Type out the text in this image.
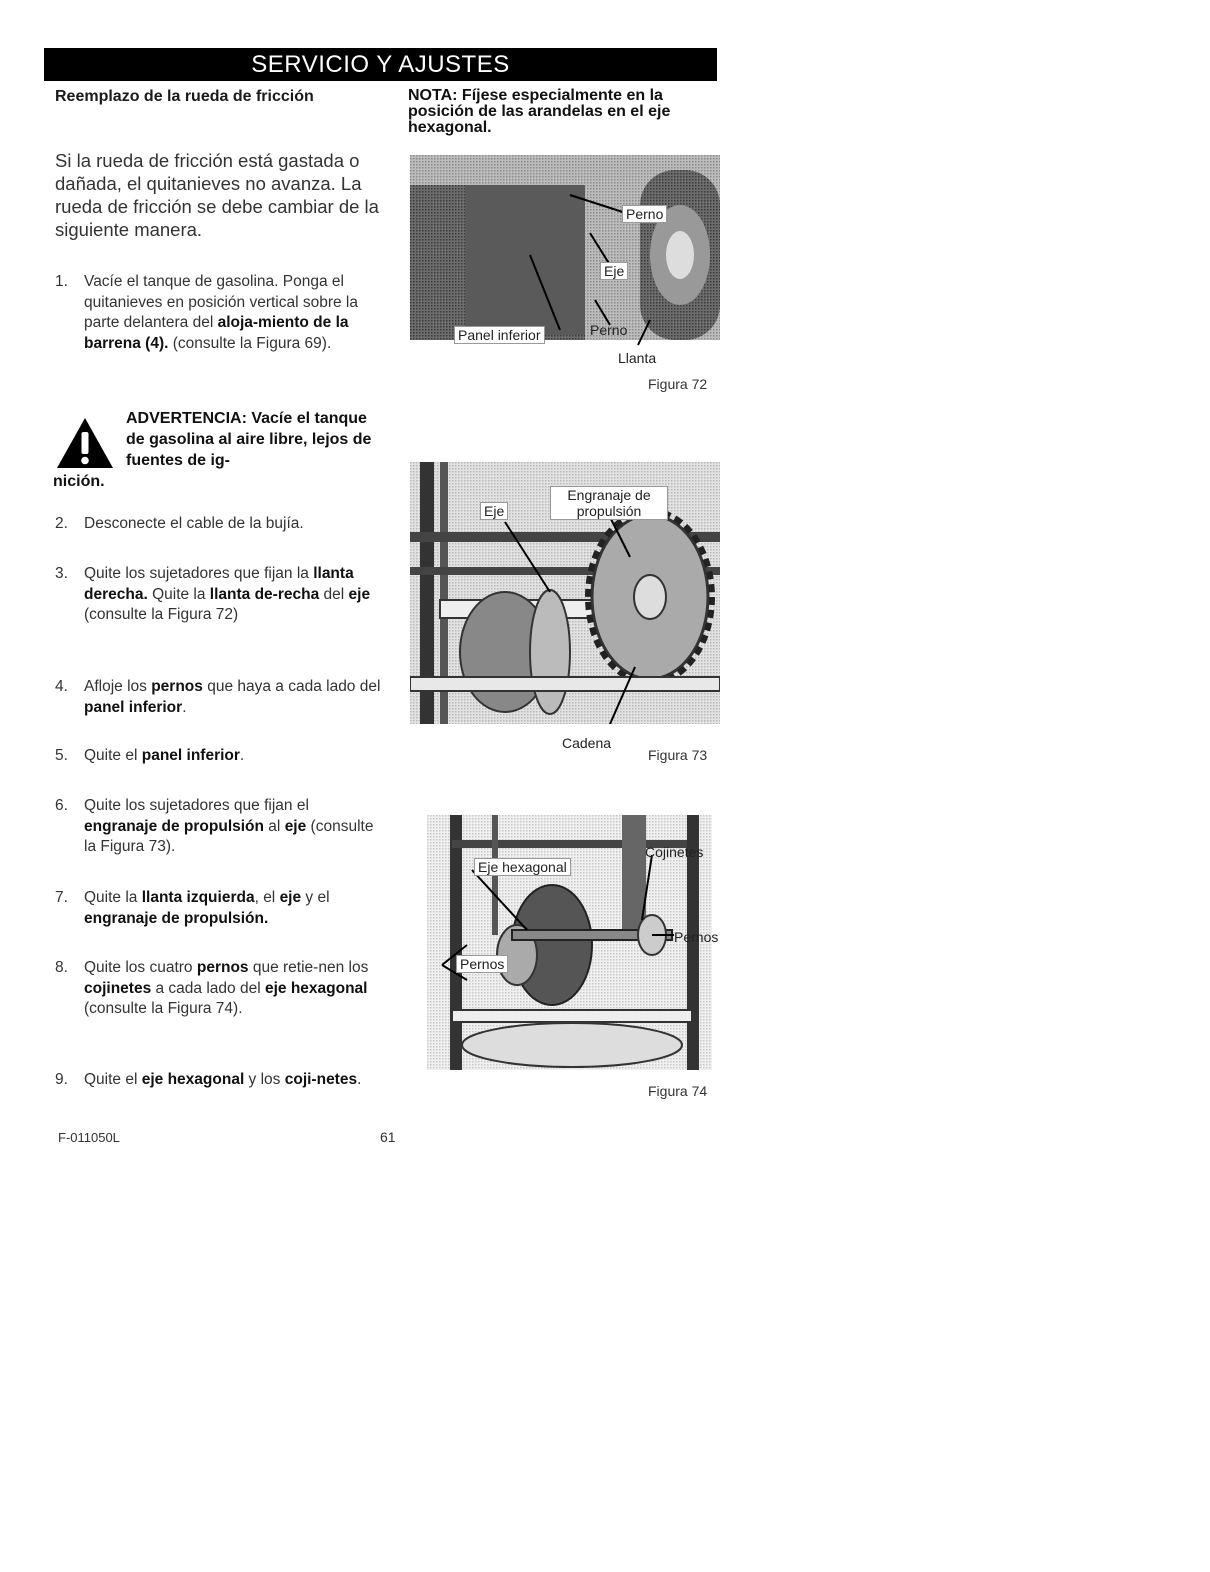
SERVICIO Y AJUSTES

Reemplazo de la rueda de fricción

Si la rueda de fricción está gastada o dañada, el quitanieves no avanza. La rueda de fricción se debe cambiar de la siguiente manera.

1.	Vacíe el tanque de gasolina. Ponga el quitanieves en posición vertical sobre la parte delantera del aloja-miento de la barrena (4). (consulte la Figura 69).
ADVERTENCIA: Vacíe el tanque de gasolina al aire libre, lejos de fuentes de ig-
nición.
2.	Desconecte el cable de la bujía.
3.	Quite los sujetadores que fijan la llanta derecha. Quite la llanta de-recha del eje (consulte la Figura 72)
4.	Afloje los pernos que haya a cada lado del panel inferior.
5.	Quite el panel inferior.
6.	Quite los sujetadores que fijan el engranaje de propulsión al eje (consulte la Figura 73).
7.	Quite la llanta izquierda, el eje y el engranaje de propulsión.
8.	Quite los cuatro pernos que retie-nen los cojinetes a cada lado del eje hexagonal (consulte la Figura 74).
9.	Quite el eje hexagonal y los coji-netes.

NOTA: Fíjese especialmente en la posición de las arandelas en el eje hexagonal.

Perno
Eje
Panel inferior	Perno
Llanta
Figura 72
Eje
Engranaje de propulsión
Cadena
Figura 73
Eje hexagonal
Cojinetes
Pernos
Pernos
Figura 74
F-011050L	61
